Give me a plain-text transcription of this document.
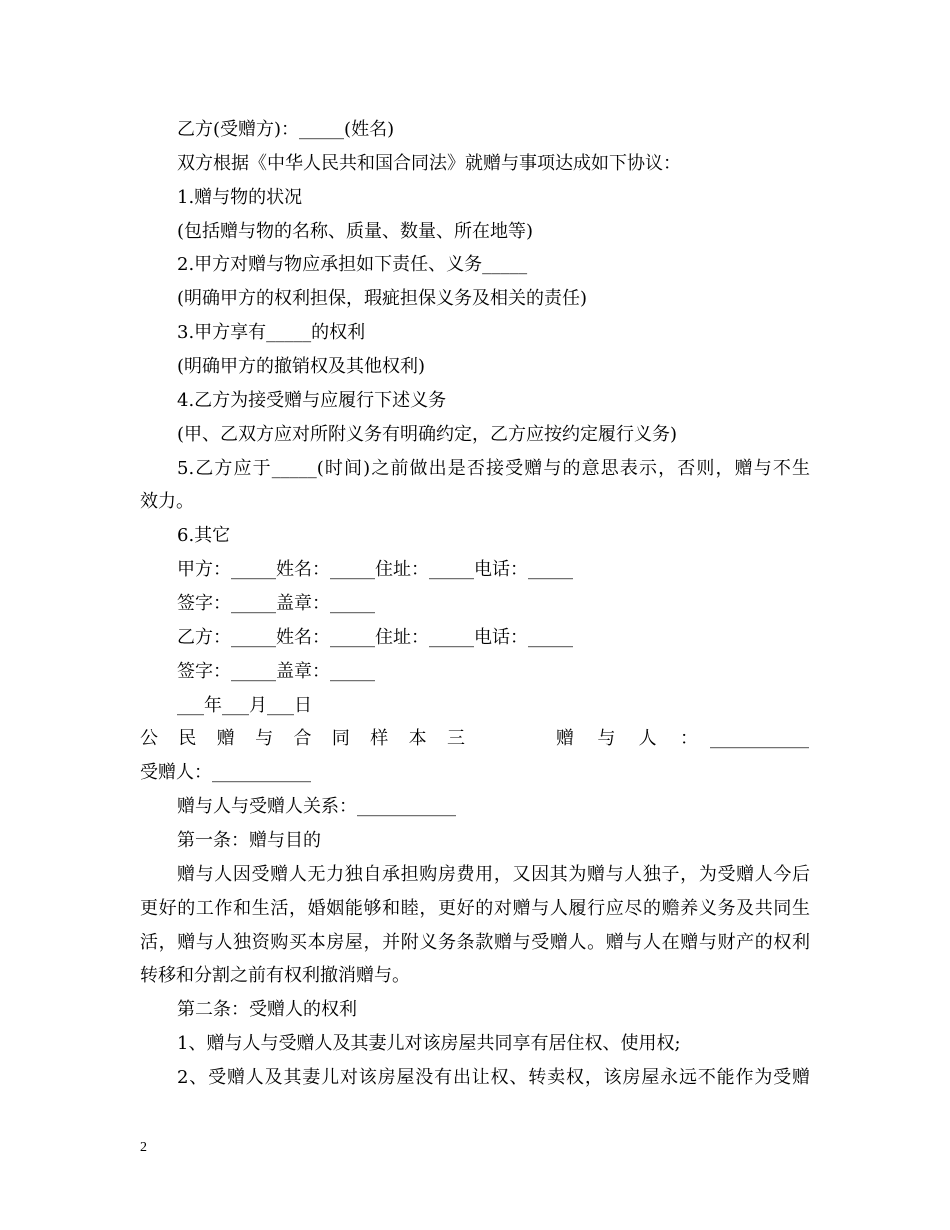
乙方(受赠方)：_____(姓名)
双方根据《中华人民共和国合同法》就赠与事项达成如下协议：
1.赠与物的状况
(包括赠与物的名称、质量、数量、所在地等)
2.甲方对赠与物应承担如下责任、义务_____
(明确甲方的权利担保，瑕疵担保义务及相关的责任)
3.甲方享有_____的权利
(明确甲方的撤销权及其他权利)
4.乙方为接受赠与应履行下述义务
(甲、乙双方应对所附义务有明确约定，乙方应按约定履行义务)
5.乙方应于_____(时间)之前做出是否接受赠与的意思表示，否则，赠与不生
效力。
6.其它
甲方：_____姓名：_____住址：_____电话：_____
签字：_____盖章：_____
乙方：_____姓名：_____住址：_____电话：_____
签字：_____盖章：_____
___年___月___日
公民赠与合同样本三	赠与人： ___________
受赠人：___________
赠与人与受赠人关系：___________
第一条：赠与目的
赠与人因受赠人无力独自承担购房费用，又因其为赠与人独子，为受赠人今后
更好的工作和生活，婚姻能够和睦，更好的对赠与人履行应尽的赡养义务及共同生
活，赠与人独资购买本房屋，并附义务条款赠与受赠人。赠与人在赠与财产的权利
转移和分割之前有权利撤消赠与。
第二条：受赠人的权利
1、赠与人与受赠人及其妻儿对该房屋共同享有居住权、使用权;
2、受赠人及其妻儿对该房屋没有出让权、转卖权，该房屋永远不能作为受赠
2
